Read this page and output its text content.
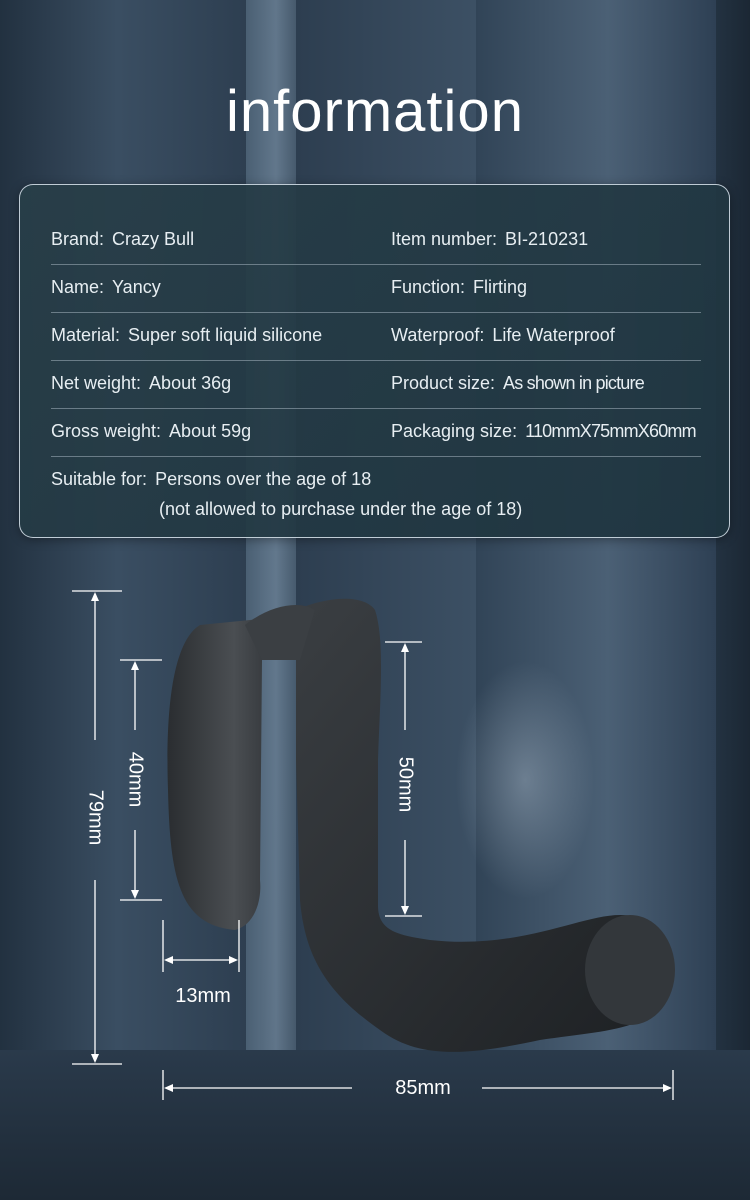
information
Brand: Crazy Bull	Item number: BI-210231
Name: Yancy	Function: Flirting
Material: Super soft liquid silicone	Waterproof: Life Waterproof
Net weight: About 36g	Product size: As shown in picture
Gross weight: About 59g	Packaging size: 110mmX75mmX60mm
Suitable for: Persons over the age of 18
(not allowed to purchase under the age of 18)
79mm
40mm	50mm
13mm
85mm
